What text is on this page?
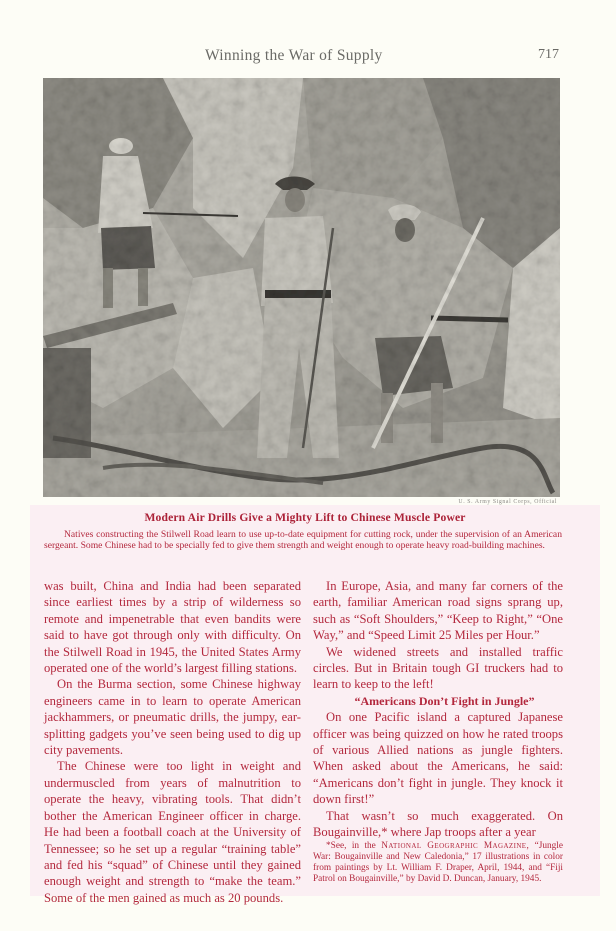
Winning the War of Supply	717
U. S. Army Signal Corps, Official
Modern Air Drills Give a Mighty Lift to Chinese Muscle Power
Natives constructing the Stilwell Road learn to use up-to-date equipment for cutting rock, under the supervision of an American sergeant. Some Chinese had to be specially fed to give them strength and weight enough to operate heavy road-building machines.

was built, China and India had been separated since earliest times by a strip of wilderness so remote and impenetrable that even bandits were said to have got through only with difficulty. On the Stilwell Road in 1945, the United States Army operated one of the world’s largest filling stations.

On the Burma section, some Chinese highway engineers came in to learn to operate American jackhammers, or pneumatic drills, the jumpy, ear-splitting gadgets you’ve seen being used to dig up city pavements.

The Chinese were too light in weight and undermuscled from years of malnutrition to operate the heavy, vibrating tools. That didn’t bother the American Engineer officer in charge. He had been a football coach at the University of Tennessee; so he set up a regular “training table” and fed his “squad” of Chinese until they gained enough weight and strength to “make the team.” Some of the men gained as much as 20 pounds.

In Europe, Asia, and many far corners of the earth, familiar American road signs sprang up, such as “Soft Shoulders,” “Keep to Right,” “One Way,” and “Speed Limit 25 Miles per Hour.”

We widened streets and installed traffic circles. But in Britain tough GI truckers had to learn to keep to the left!

“Americans Don’t Fight in Jungle”

On one Pacific island a captured Japanese officer was being quizzed on how he rated troops of various Allied nations as jungle fighters. When asked about the Americans, he said: “Americans don’t fight in jungle. They knock it down first!”

That wasn’t so much exaggerated. On Bougainville,* where Jap troops after a year

*See, in the National Geographic Magazine, “Jungle War: Bougainville and New Caledonia,” 17 illustrations in color from paintings by Lt. William F. Draper, April, 1944, and “Fiji Patrol on Bougainville,” by David D. Duncan, January, 1945.
